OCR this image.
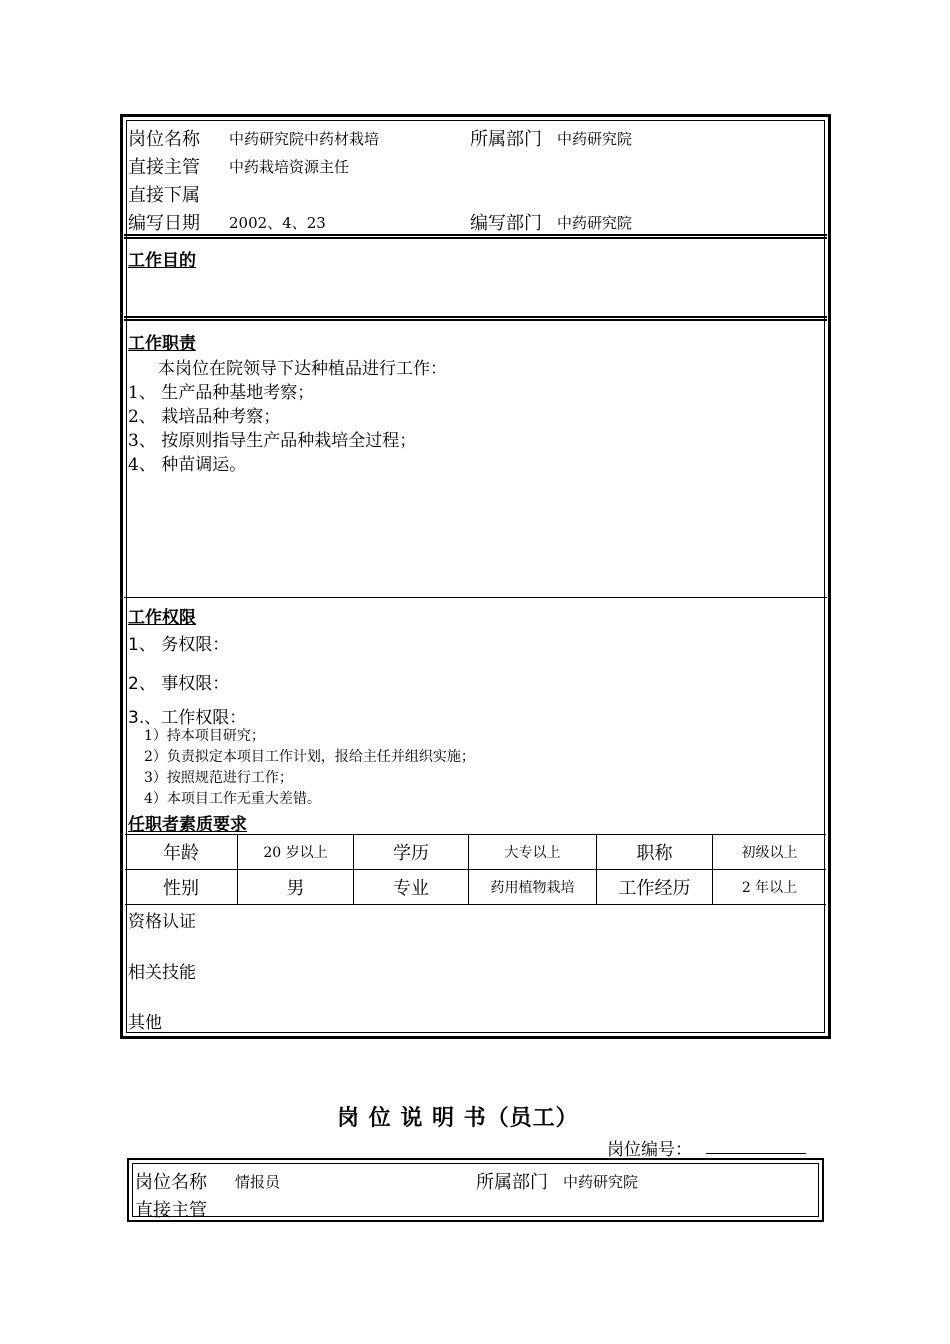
岗位名称 中药研究院中药材栽培	所属部门 中药研究院
直接主管 中药栽培资源主任
直接下属
编写日期 2002、4、23	编写部门 中药研究院
工作目的
工作职责
本岗位在院领导下达种植品进行工作：
1、 生产品种基地考察；
2、 栽培品种考察；
3、 按原则指导生产品种栽培全过程；
4、 种苗调运。
工作权限
1、 务权限：
2、 事权限：
3.、工作权限：
1）持本项目研究；
2）负责拟定本项目工作计划，报给主任并组织实施；
3）按照规范进行工作；
4）本项目工作无重大差错。
任职者素质要求
年龄	20 岁以上	学历	大专以上	职称	初级以上
性别	男	专业	药用植物栽培	工作经历	2 年以上
资格认证
相关技能
其他
岗 位 说 明 书（员工）
岗位编号：
岗位名称 情报员	所属部门 中药研究院
直接主管
